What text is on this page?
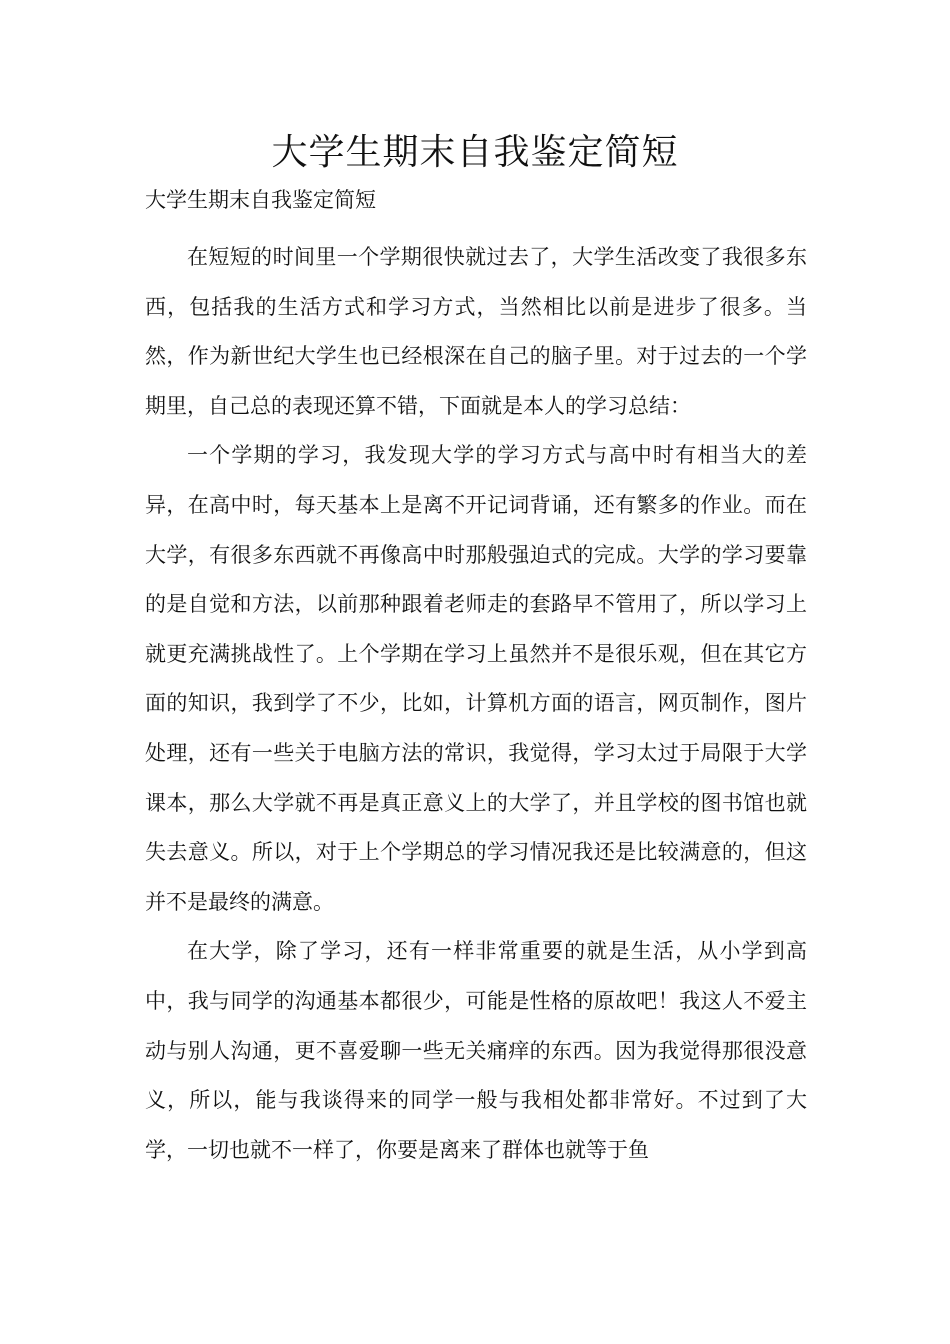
大学生期末自我鉴定简短

大学生期末自我鉴定简短

在短短的时间里一个学期很快就过去了，大学生活改变了我很多东西，包括我的生活方式和学习方式，当然相比以前是进步了很多。当然，作为新世纪大学生也已经根深在自己的脑子里。对于过去的一个学期里，自己总的表现还算不错，下面就是本人的学习总结：

一个学期的学习，我发现大学的学习方式与高中时有相当大的差异，在高中时，每天基本上是离不开记词背诵，还有繁多的作业。而在大学，有很多东西就不再像高中时那般强迫式的完成。大学的学习要靠的是自觉和方法，以前那种跟着老师走的套路早不管用了，所以学习上就更充满挑战性了。上个学期在学习上虽然并不是很乐观，但在其它方面的知识，我到学了不少，比如，计算机方面的语言，网页制作，图片处理，还有一些关于电脑方法的常识，我觉得，学习太过于局限于大学课本，那么大学就不再是真正意义上的大学了，并且学校的图书馆也就失去意义。所以，对于上个学期总的学习情况我还是比较满意的，但这并不是最终的满意。

在大学，除了学习，还有一样非常重要的就是生活，从小学到高中，我与同学的沟通基本都很少，可能是性格的原故吧！我这人不爱主动与别人沟通，更不喜爱聊一些无关痛痒的东西。因为我觉得那很没意义，所以，能与我谈得来的同学一般与我相处都非常好。不过到了大学，一切也就不一样了，你要是离来了群体也就等于鱼
